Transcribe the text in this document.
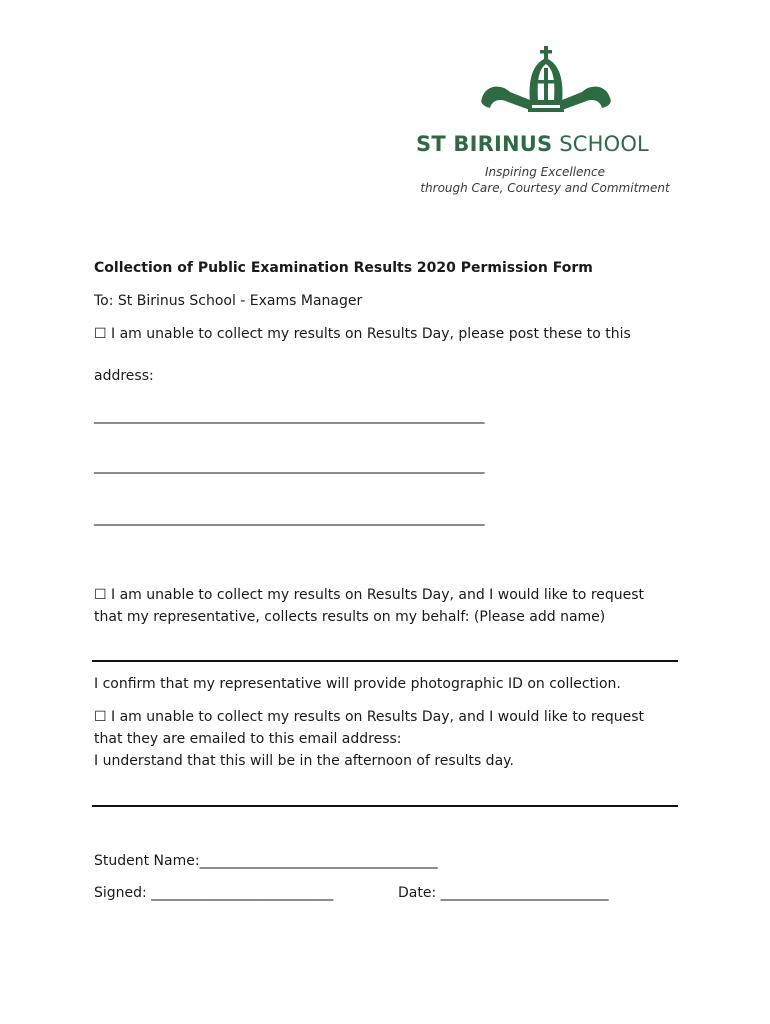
ST BIRINUS SCHOOL
Inspiring Excellence
through Care, Courtesy and Commitment
Collection of Public Examination Results 2020 Permission Form
To: St Birinus School - Exams Manager
☐ I am unable to collect my results on Results Day, please post these to this
address:
____________________________________________________________
____________________________________________________________
____________________________________________________________
☐ I am unable to collect my results on Results Day, and I would like to request
that my representative, collects results on my behalf: (Please add name)
I confirm that my representative will provide photographic ID on collection.
☐ I am unable to collect my results on Results Day, and I would like to request
that they are emailed to this email address:
I understand that this will be in the afternoon of results day.
Student Name:__________________________________
Signed: __________________________	Date: ________________________
